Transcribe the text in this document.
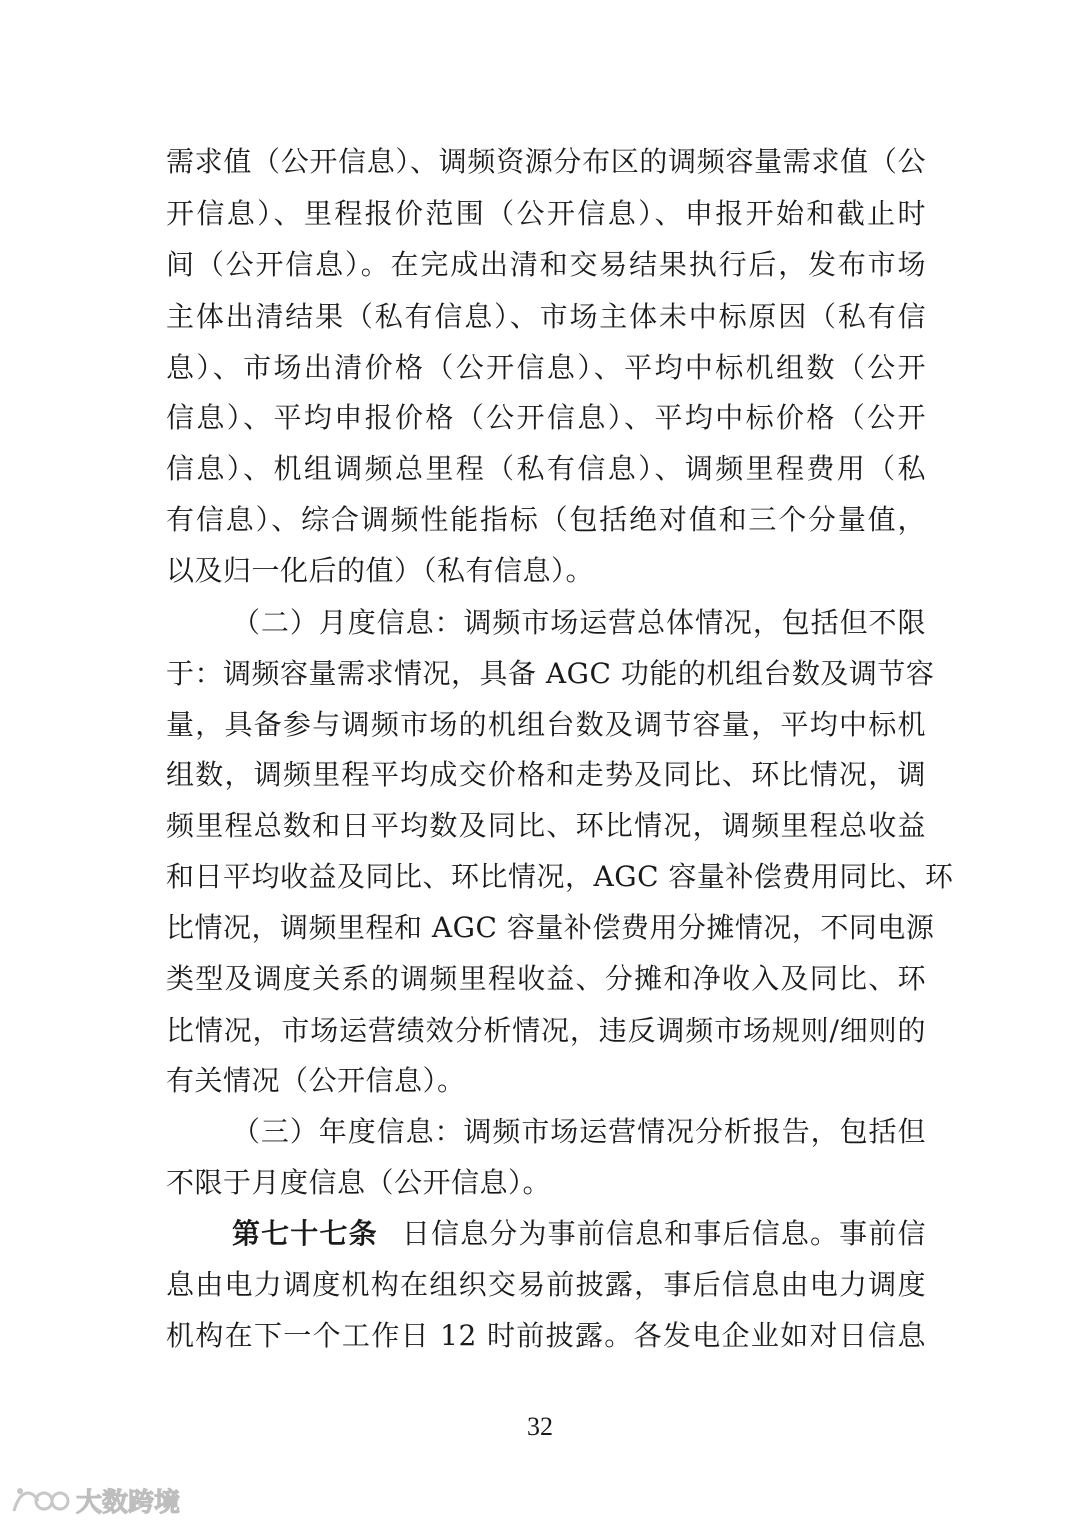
需求值（公开信息）、调频资源分布区的调频容量需求值（公
开信息）、里程报价范围（公开信息）、申报开始和截止时
间（公开信息）。在完成出清和交易结果执行后，发布市场
主体出清结果（私有信息）、市场主体未中标原因（私有信
息）、市场出清价格（公开信息）、平均中标机组数（公开
信息）、平均申报价格（公开信息）、平均中标价格（公开
信息）、机组调频总里程（私有信息）、调频里程费用（私
有信息）、综合调频性能指标（包括绝对值和三个分量值，
以及归一化后的值）（私有信息）。
（二）月度信息：调频市场运营总体情况，包括但不限
于：调频容量需求情况，具备 AGC 功能的机组台数及调节容
量，具备参与调频市场的机组台数及调节容量，平均中标机
组数，调频里程平均成交价格和走势及同比、环比情况，调
频里程总数和日平均数及同比、环比情况，调频里程总收益
和日平均收益及同比、环比情况，AGC 容量补偿费用同比、环
比情况，调频里程和 AGC 容量补偿费用分摊情况，不同电源
类型及调度关系的调频里程收益、分摊和净收入及同比、环
比情况，市场运营绩效分析情况，违反调频市场规则/细则的
有关情况（公开信息）。
（三）年度信息：调频市场运营情况分析报告，包括但
不限于月度信息（公开信息）。
第七十七条 日信息分为事前信息和事后信息。事前信
息由电力调度机构在组织交易前披露，事后信息由电力调度
机构在下一个工作日 12 时前披露。各发电企业如对日信息
32
大数跨境
